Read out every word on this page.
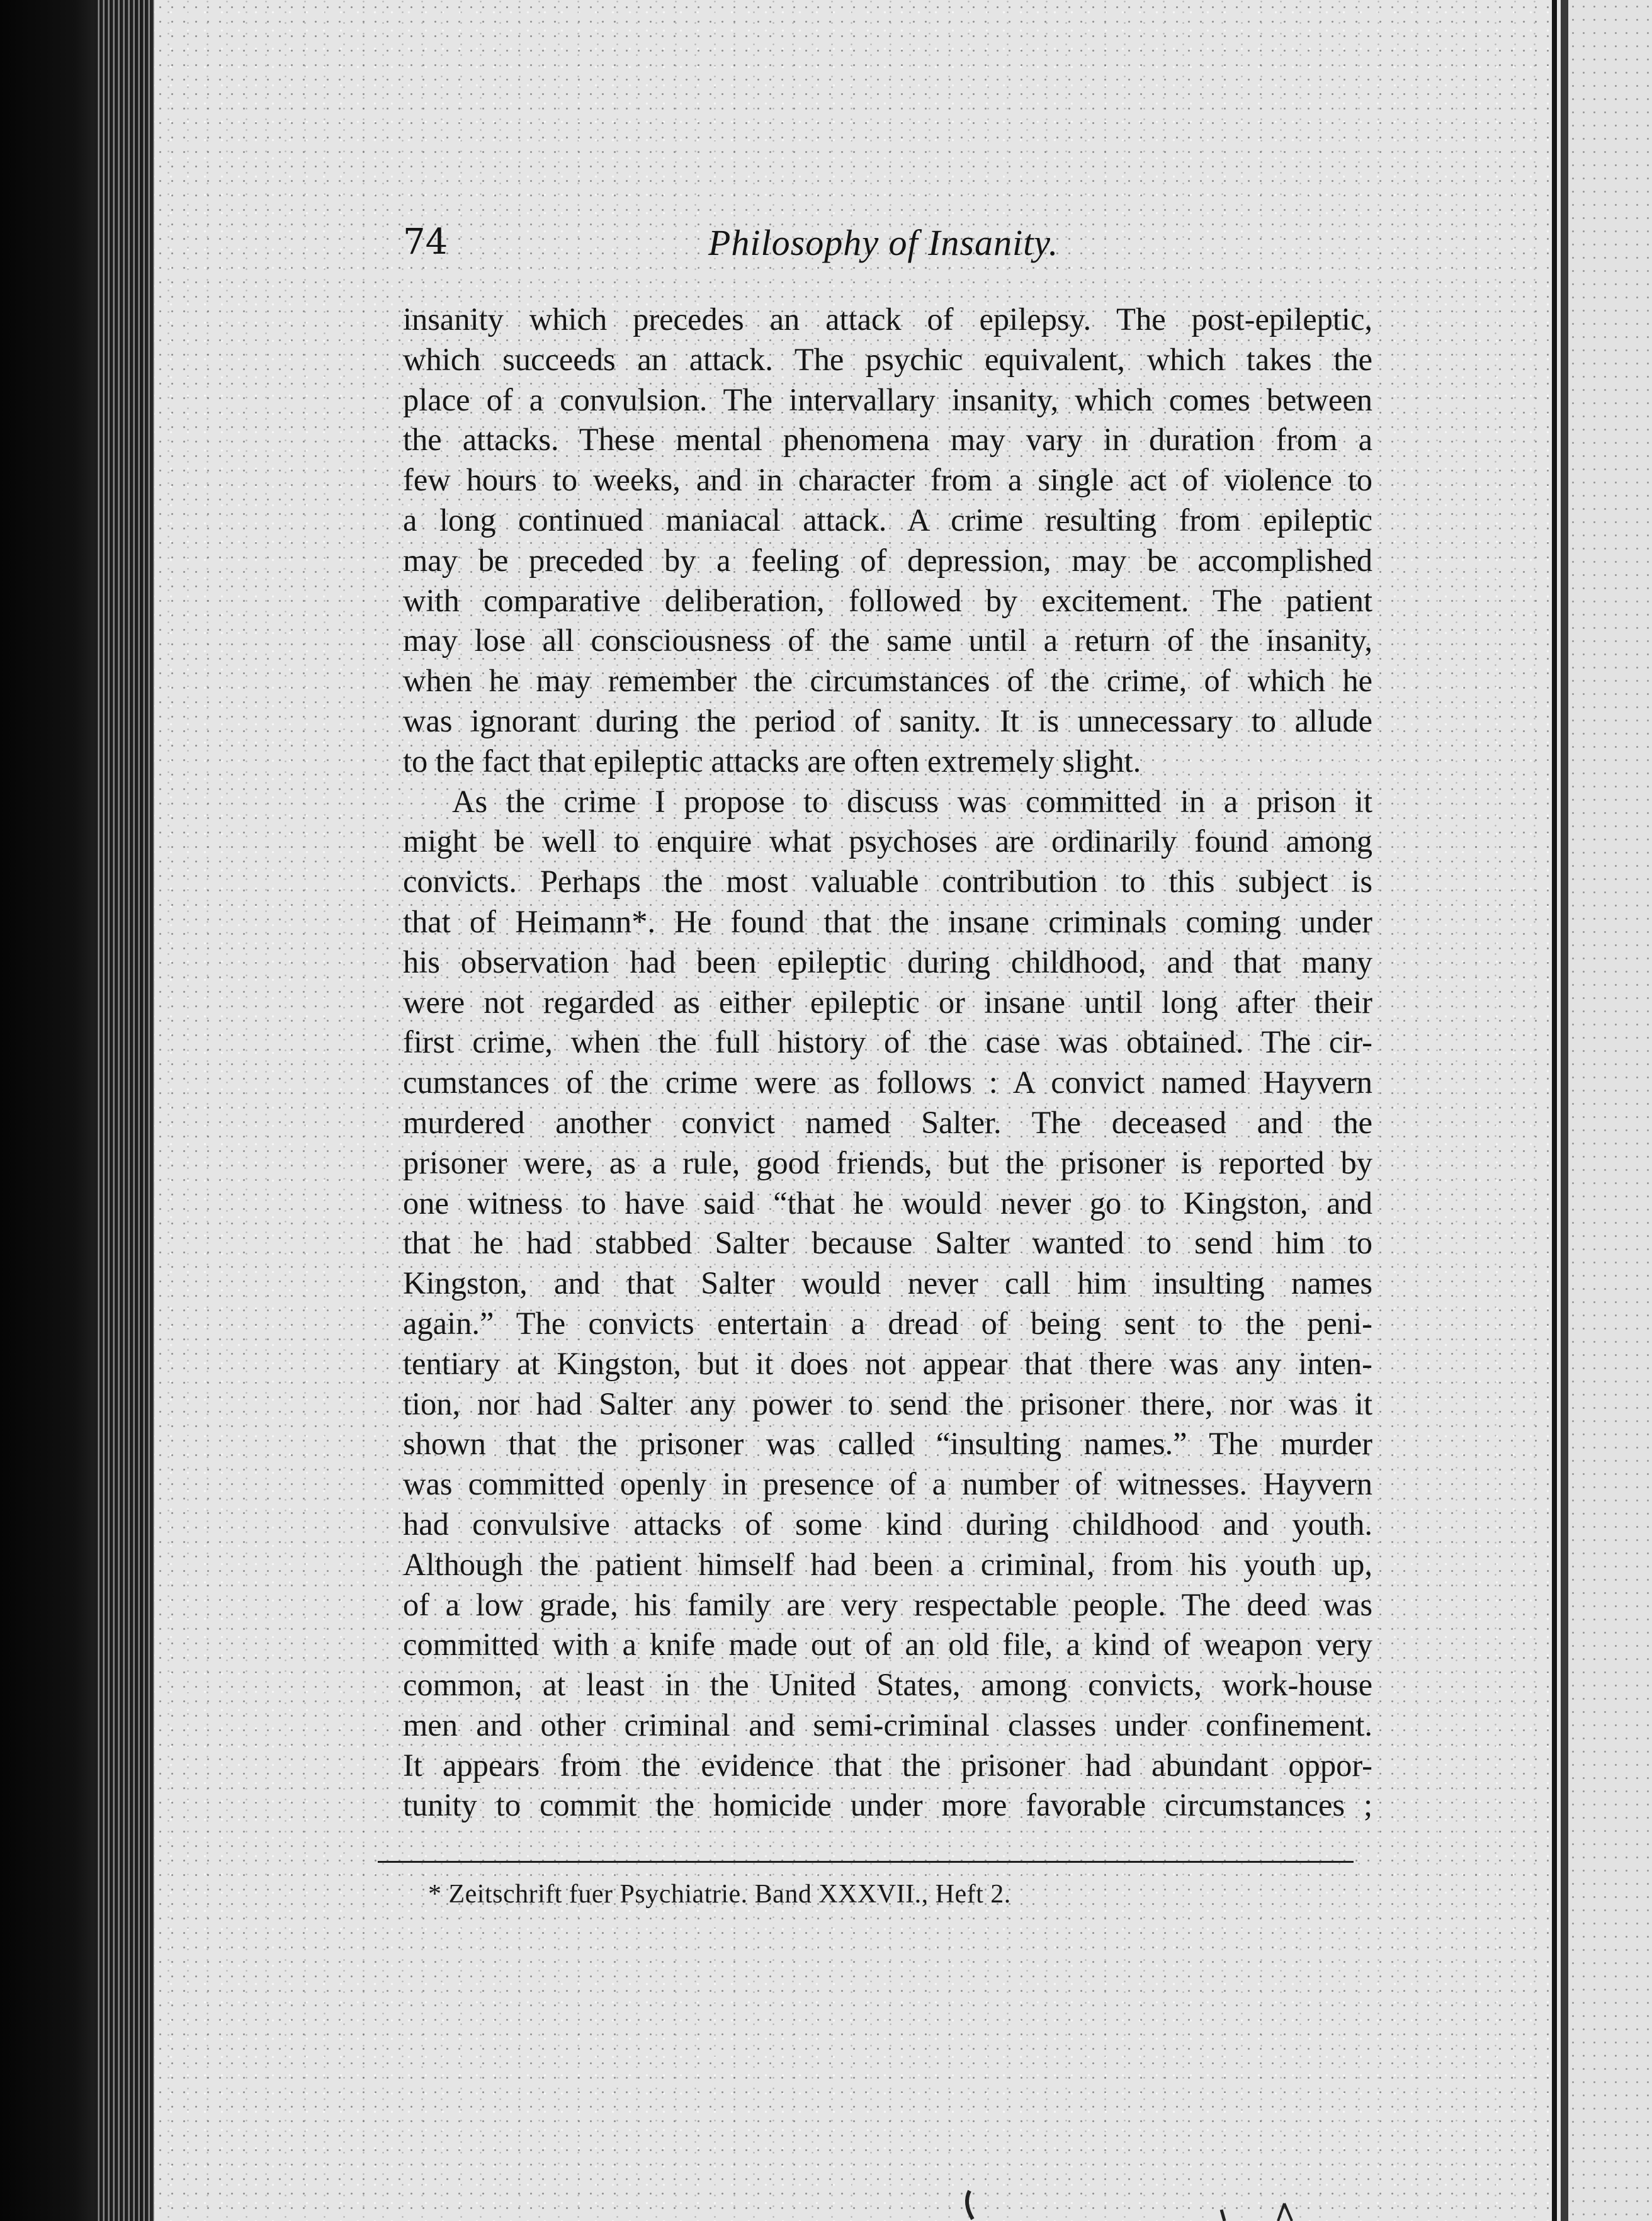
74	Philosophy of Insanity.
insanity which precedes an attack of epilepsy. The post-epileptic,
which succeeds an attack. The psychic equivalent, which takes the
place of a convulsion. The intervallary insanity, which comes between
the attacks. These mental phenomena may vary in duration from a
few hours to weeks, and in character from a single act of violence to
a long continued maniacal attack. A crime resulting from epileptic
may be preceded by a feeling of depression, may be accomplished
with comparative deliberation, followed by excitement. The patient
may lose all consciousness of the same until a return of the insanity,
when he may remember the circumstances of the crime, of which he
was ignorant during the period of sanity. It is unnecessary to allude
to the fact that epileptic attacks are often extremely slight.
As the crime I propose to discuss was committed in a prison it
might be well to enquire what psychoses are ordinarily found among
convicts. Perhaps the most valuable contribution to this subject is
that of Heimann*. He found that the insane criminals coming under
his observation had been epileptic during childhood, and that many
were not regarded as either epileptic or insane until long after their
first crime, when the full history of the case was obtained. The cir-
cumstances of the crime were as follows : A convict named Hayvern
murdered another convict named Salter. The deceased and the
prisoner were, as a rule, good friends, but the prisoner is reported by
one witness to have said “that he would never go to Kingston, and
that he had stabbed Salter because Salter wanted to send him to
Kingston, and that Salter would never call him insulting names
again.” The convicts entertain a dread of being sent to the peni-
tentiary at Kingston, but it does not appear that there was any inten-
tion, nor had Salter any power to send the prisoner there, nor was it
shown that the prisoner was called “insulting names.” The murder
was committed openly in presence of a number of witnesses. Hayvern
had convulsive attacks of some kind during childhood and youth.
Although the patient himself had been a criminal, from his youth up,
of a low grade, his family are very respectable people. The deed was
committed with a knife made out of an old file, a kind of weapon very
common, at least in the United States, among convicts, work-house
men and other criminal and semi-criminal classes under confinement.
It appears from the evidence that the prisoner had abundant oppor-
tunity to commit the homicide under more favorable circumstances ;
* Zeitschrift fuer Psychiatrie. Band XXXVII., Heft 2.
